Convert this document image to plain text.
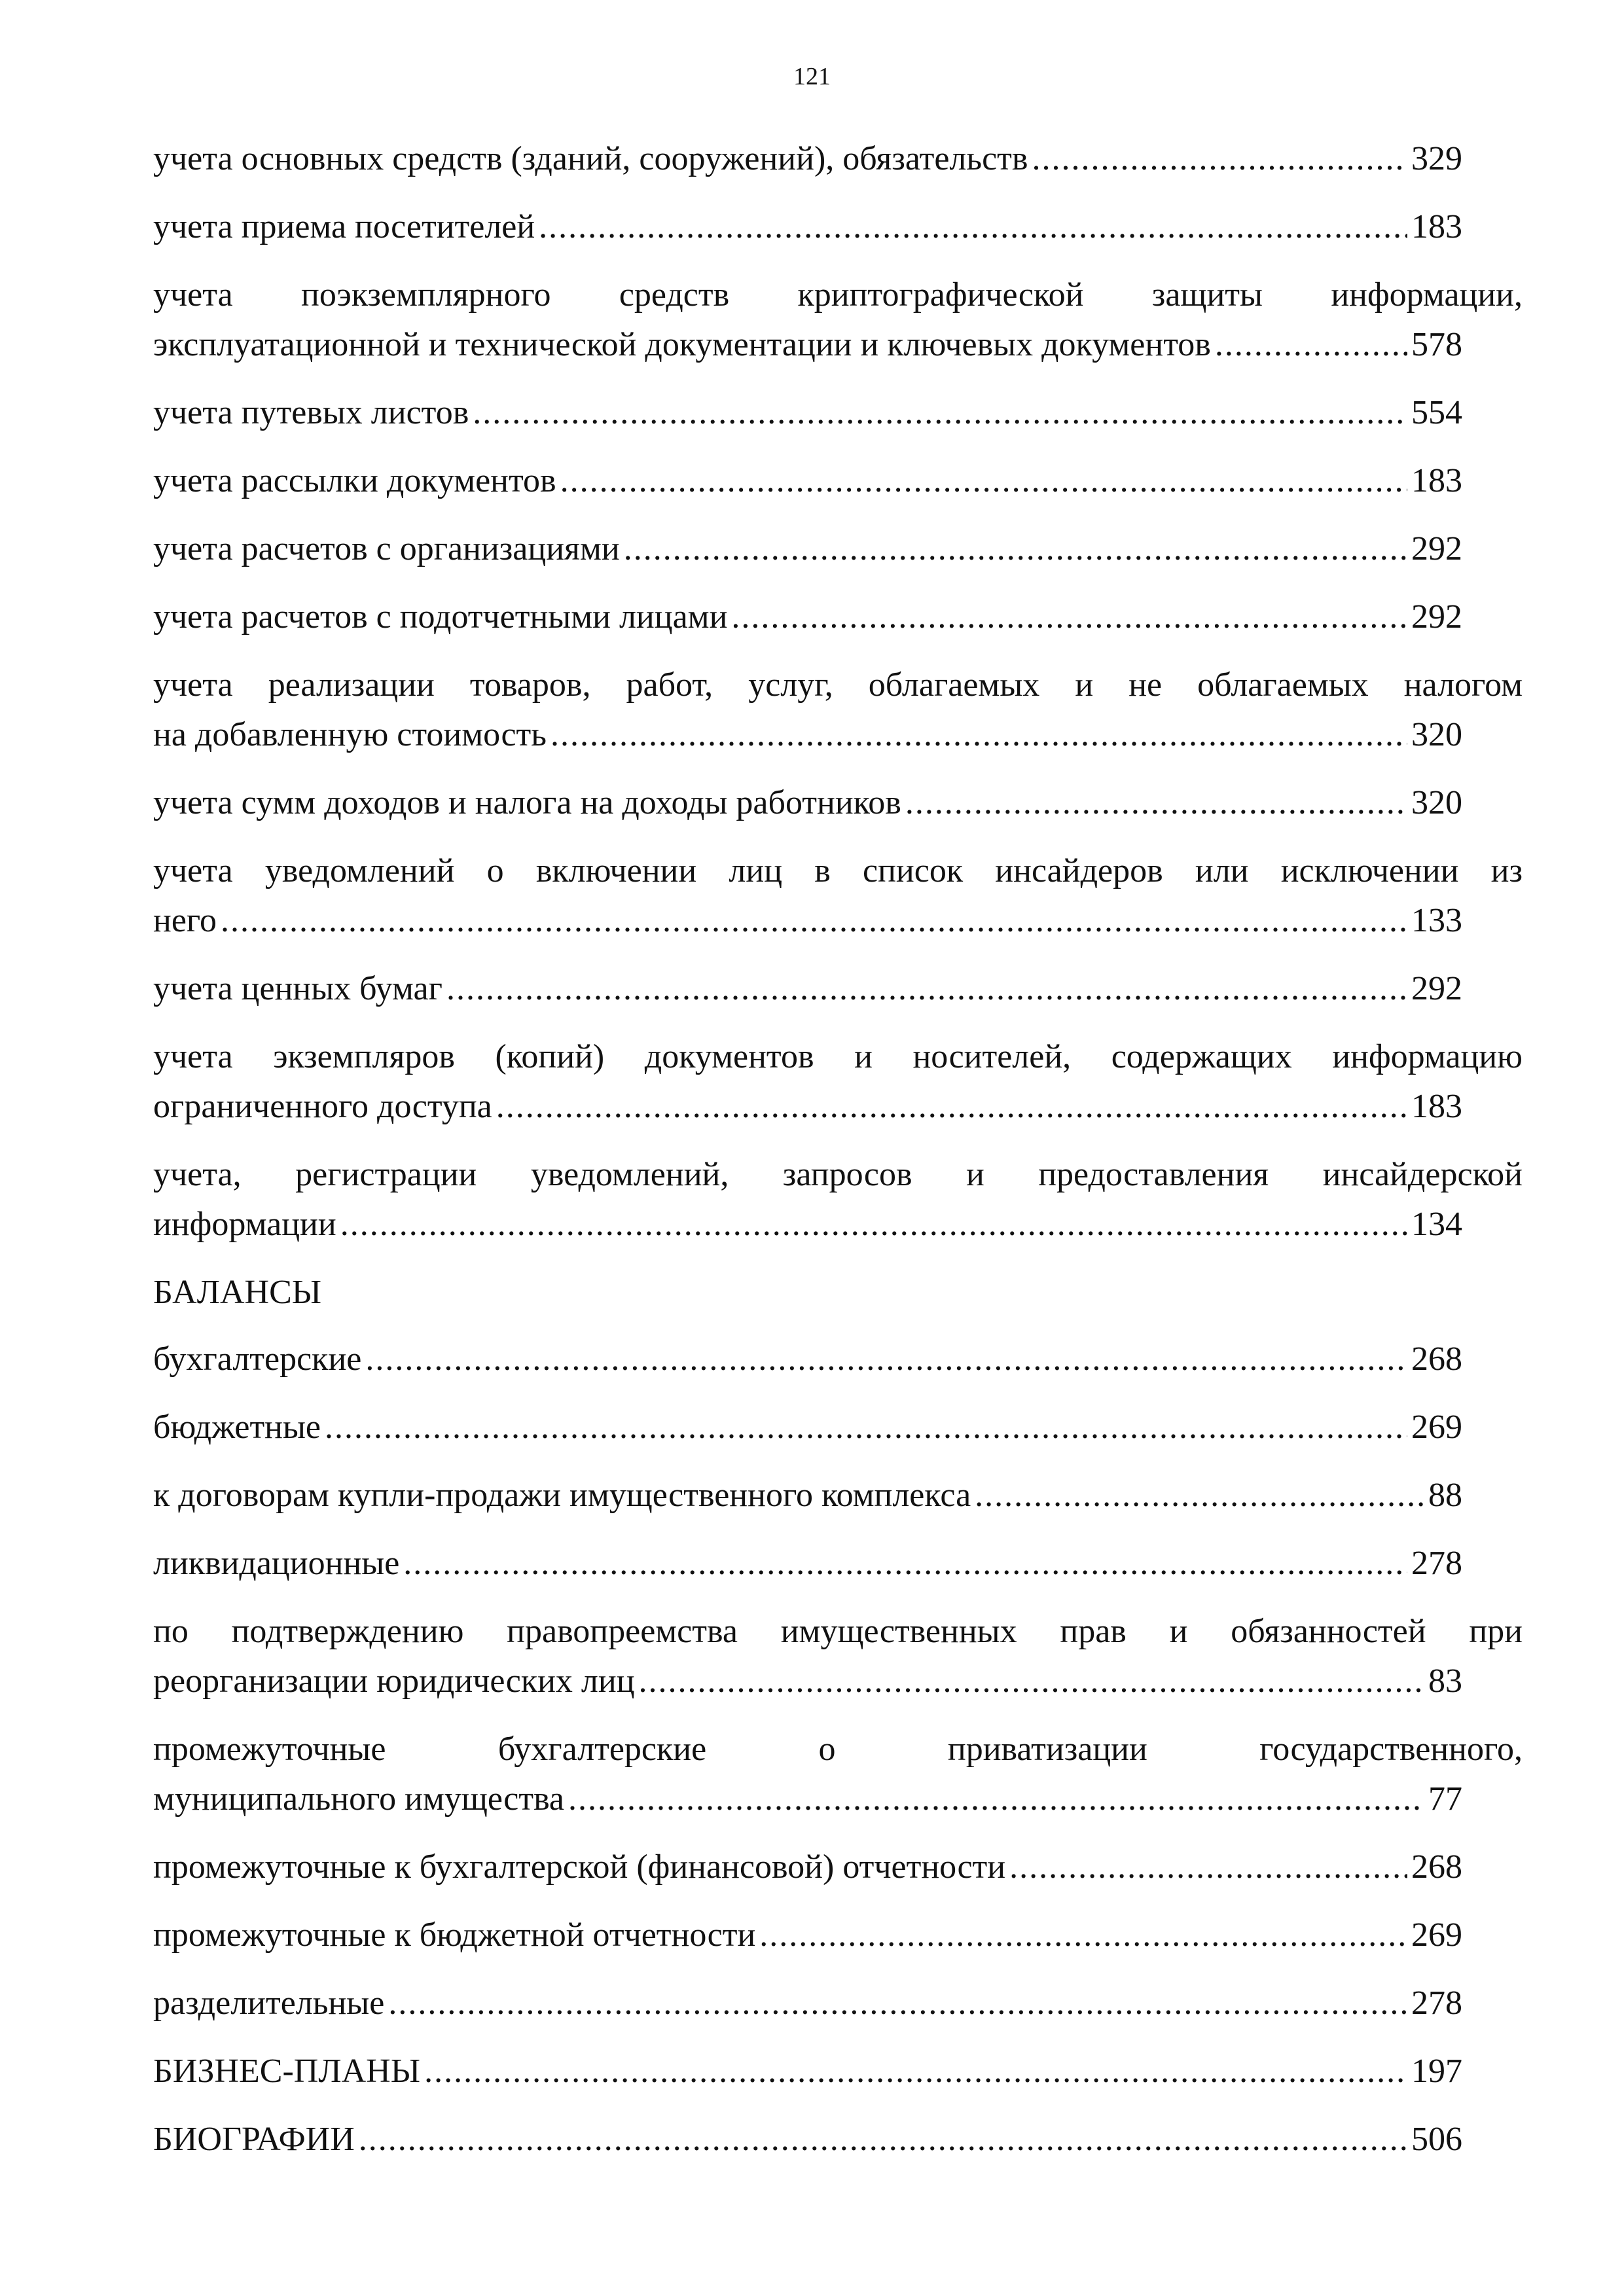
121
учета основных средств (зданий, сооружений), обязательств .....	329
учета приема посетителей .....	183
учета поэкземплярного средств криптографической защиты информации,
эксплуатационной и технической документации и ключевых документов .....	578
учета путевых листов .....	554
учета рассылки документов .....	183
учета расчетов с организациями .....	292
учета расчетов с подотчетными лицами .....	292
учета реализации товаров, работ, услуг, облагаемых и не облагаемых налогом
на добавленную стоимость .....	320
учета сумм доходов и налога на доходы работников .....	320
учета уведомлений о включении лиц в список инсайдеров или исключении из
него .....	133
учета ценных бумаг .....	292
учета экземпляров (копий) документов и носителей, содержащих информацию
ограниченного доступа .....	183
учета, регистрации уведомлений, запросов и предоставления инсайдерской
информации .....	134
БАЛАНСЫ
бухгалтерские .....	268
бюджетные .....	269
к договорам купли-продажи имущественного комплекса .....	88
ликвидационные .....	278
по подтверждению правопреемства имущественных прав и обязанностей при
реорганизации юридических лиц .....	83
промежуточные бухгалтерские о приватизации государственного,
муниципального имущества .....	77
промежуточные к бухгалтерской (финансовой) отчетности .....	268
промежуточные к бюджетной отчетности .....	269
разделительные .....	278
БИЗНЕС-ПЛАНЫ .....	197
БИОГРАФИИ .....	506
